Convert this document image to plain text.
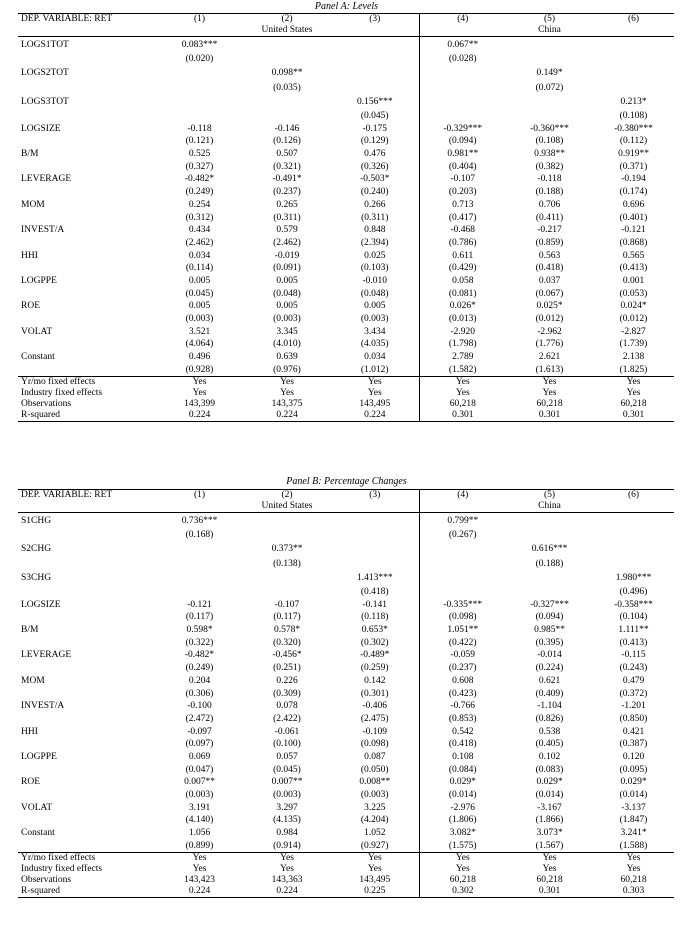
Panel A: Levels
DEP. VARIABLE: RET	(1)	(2)	(3)	(4)	(5)	(6)
		United States			China	
LOGS1TOT	0.083***			0.067**		
	(0.020)			(0.028)		
LOGS2TOT		0.098**			0.149*	
		(0.035)			(0.072)	
LOGS3TOT			0.156***			0.213*
			(0.045)			(0.108)
LOGSIZE	-0.118	-0.146	-0.175	-0.329***	-0.360***	-0.380***
	(0.121)	(0.126)	(0.129)	(0.094)	(0.108)	(0.112)
B/M	0.525	0.507	0.476	0.981**	0.938**	0.919**
	(0.327)	(0.321)	(0.326)	(0.404)	(0.382)	(0.371)
LEVERAGE	-0.482*	-0.491*	-0.503*	-0.107	-0.118	-0.194
	(0.249)	(0.237)	(0.240)	(0.203)	(0.188)	(0.174)
MOM	0.254	0.265	0.266	0.713	0.706	0.696
	(0.312)	(0.311)	(0.311)	(0.417)	(0.411)	(0.401)
INVEST/A	0.434	0.579	0.848	-0.468	-0.217	-0.121
	(2.462)	(2.462)	(2.394)	(0.786)	(0.859)	(0.868)
HHI	0.034	-0.019	0.025	0.611	0.563	0.565
	(0.114)	(0.091)	(0.103)	(0.429)	(0.418)	(0.413)
LOGPPE	0.005	0.005	-0.010	0.058	0.037	0.001
	(0.045)	(0.048)	(0.048)	(0.081)	(0.067)	(0.053)
ROE	0.005	0.005	0.005	0.026*	0.025*	0.024*
	(0.003)	(0.003)	(0.003)	(0.013)	(0.012)	(0.012)
VOLAT	3.521	3.345	3.434	-2.920	-2.962	-2.827
	(4.064)	(4.010)	(4.035)	(1.798)	(1.776)	(1.739)
Constant	0.496	0.639	0.034	2.789	2.621	2.138
	(0.928)	(0.976)	(1.012)	(1.582)	(1.613)	(1.825)
Yr/mo fixed effects	Yes	Yes	Yes	Yes	Yes	Yes
Industry fixed effects	Yes	Yes	Yes	Yes	Yes	Yes
Observations	143,399	143,375	143,495	60,218	60,218	60,218
R-squared	0.224	0.224	0.224	0.301	0.301	0.301
Panel B: Percentage Changes
DEP. VARIABLE: RET	(1)	(2)	(3)	(4)	(5)	(6)
		United States			China	
S1CHG	0.736***			0.799**		
	(0.168)			(0.267)		
S2CHG		0.373**			0.616***	
		(0.138)			(0.188)	
S3CHG			1.413***			1.980***
			(0.418)			(0.496)
LOGSIZE	-0.121	-0.107	-0.141	-0.335***	-0.327***	-0.358***
	(0.117)	(0.117)	(0.118)	(0.098)	(0.094)	(0.104)
B/M	0.598*	0.578*	0.653*	1.051**	0.985**	1.111**
	(0.322)	(0.320)	(0.302)	(0.422)	(0.395)	(0.413)
LEVERAGE	-0.482*	-0.456*	-0.489*	-0.059	-0.014	-0.115
	(0.249)	(0.251)	(0.259)	(0.237)	(0.224)	(0.243)
MOM	0.204	0.226	0.142	0.608	0.621	0.479
	(0.306)	(0.309)	(0.301)	(0.423)	(0.409)	(0.372)
INVEST/A	-0.100	0.078	-0.406	-0.766	-1.104	-1.201
	(2.472)	(2.422)	(2.475)	(0.853)	(0.826)	(0.850)
HHI	-0.097	-0.061	-0.109	0.542	0.538	0.421
	(0.097)	(0.100)	(0.098)	(0.418)	(0.405)	(0.387)
LOGPPE	0.069	0.057	0.087	0.108	0.102	0.120
	(0.047)	(0.045)	(0.050)	(0.084)	(0.083)	(0.095)
ROE	0.007**	0.007**	0.008**	0.029*	0.029*	0.029*
	(0.003)	(0.003)	(0.003)	(0.014)	(0.014)	(0.014)
VOLAT	3.191	3.297	3.225	-2.976	-3.167	-3.137
	(4.140)	(4.135)	(4.204)	(1.806)	(1.866)	(1.847)
Constant	1.056	0.984	1.052	3.082*	3.073*	3.241*
	(0.899)	(0.914)	(0.927)	(1.575)	(1.567)	(1.588)
Yr/mo fixed effects	Yes	Yes	Yes	Yes	Yes	Yes
Industry fixed effects	Yes	Yes	Yes	Yes	Yes	Yes
Observations	143,423	143,363	143,495	60,218	60,218	60,218
R-squared	0.224	0.224	0.225	0.302	0.301	0.303
